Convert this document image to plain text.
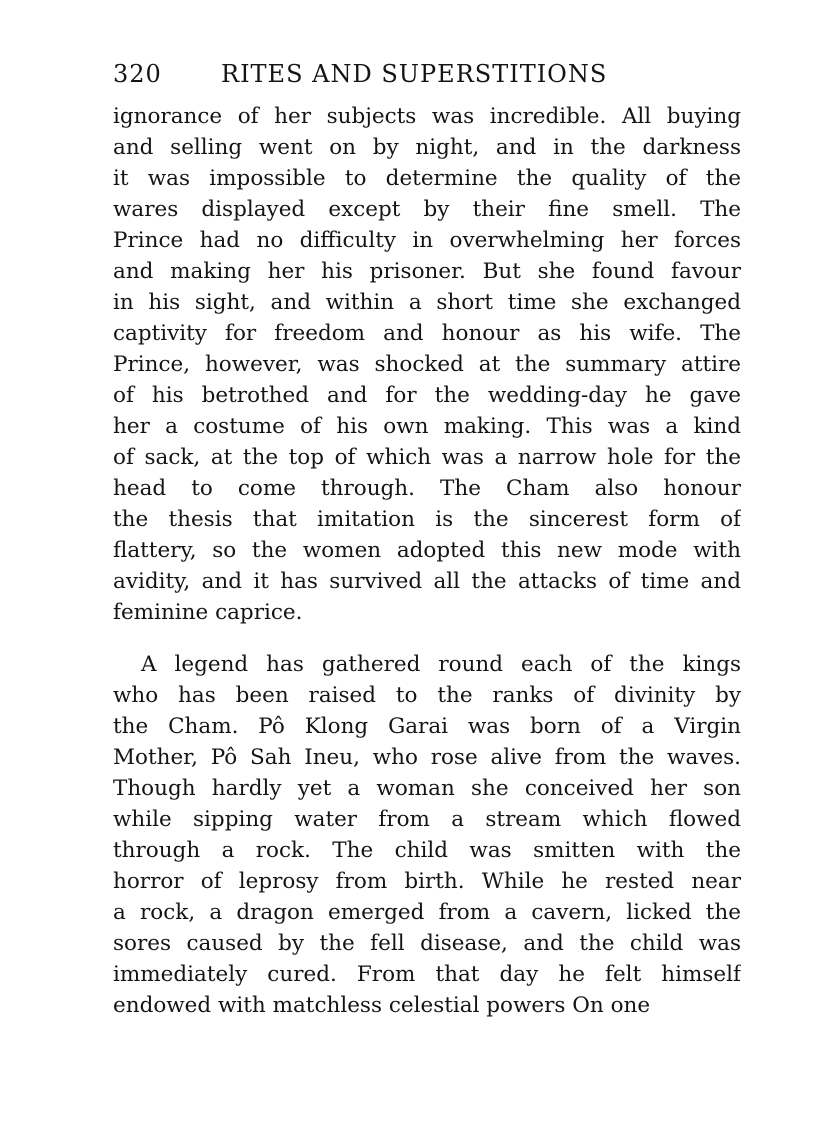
320 RITES AND SUPERSTITIONS
ignorance of her subjects was incredible. All buying
and selling went on by night, and in the darkness
it was impossible to determine the quality of the
wares displayed except by their fine smell. The
Prince had no difficulty in overwhelming her forces
and making her his prisoner. But she found favour
in his sight, and within a short time she exchanged
captivity for freedom and honour as his wife. The
Prince, however, was shocked at the summary attire
of his betrothed and for the wedding-day he gave
her a costume of his own making. This was a kind
of sack, at the top of which was a narrow hole for the
head to come through. The Cham also honour
the thesis that imitation is the sincerest form of
flattery, so the women adopted this new mode with
avidity, and it has survived all the attacks of time and
feminine caprice.
A legend has gathered round each of the kings
who has been raised to the ranks of divinity by
the Cham. Pô Klong Garai was born of a Virgin
Mother, Pô Sah Ineu, who rose alive from the waves.
Though hardly yet a woman she conceived her son
while sipping water from a stream which flowed
through a rock. The child was smitten with the
horror of leprosy from birth. While he rested near
a rock, a dragon emerged from a cavern, licked the
sores caused by the fell disease, and the child was
immediately cured. From that day he felt himself
endowed with matchless celestial powers On one
